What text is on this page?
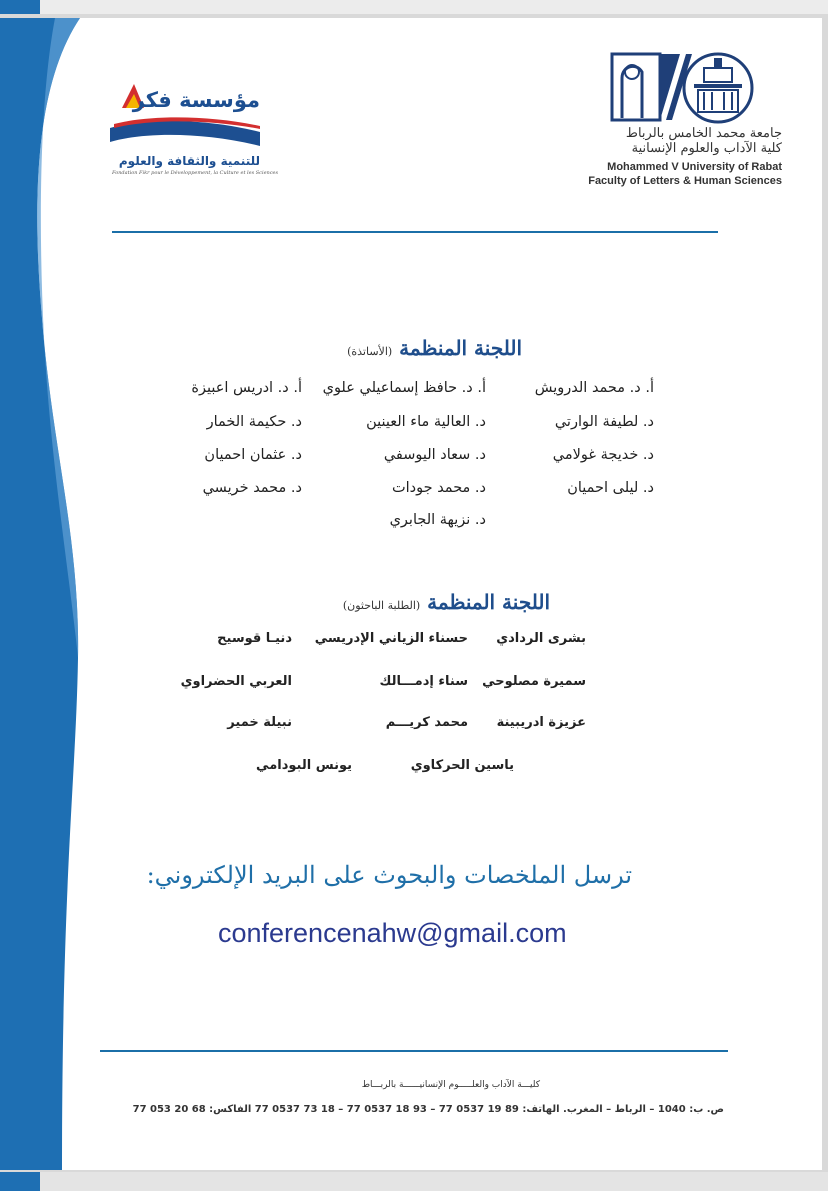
مؤسسة فكر
للتنمية والثقافة والعلوم
Fondation Fikr pour le Développement, la Culture et les Sciences
جامعة محمد الخامس بالرباط
كلية الآداب والعلوم الإنسانية
Mohammed V University of Rabat
Faculty of Letters & Human Sciences
اللجنة المنظمة (الأساتذة)
أ. د. محمد الدرويش
د. لطيفة الوارتي
د. خديجة غولامي
د. ليلى احميان
أ. د. حافظ إسماعيلي علوي
د. العالية ماء العينين
د. سعاد اليوسفي
د. محمد جودات
د. نزيهة الجابري
أ. د. ادريس اعبيزة
د. حكيمة الخمار
د. عثمان احميان
د. محمد خريسي
اللجنة المنظمة (الطلبة الباحثون)
بشرى الردادي
سميرة مصلوحي
عزيزة ادريبينة
حسناء الزياني الإدريسي
سناء إدمـــالك
محمد كريـــم
دنيـا قوسيح
العربي الحضراوي
نبيلة خمير
ياسين الحركاوي
يونس البودامي
ترسل الملخصات والبحوث على البريد الإلكتروني:
conferencenahw@gmail.com
كليـــة الآداب والعلـــــوم الإنسانيــــــة بالربـــاط
ص. ب: 1040 – الرباط – المغرب. الهاتف: 89 19 0537 77 – 93 18 0537 77 – 18 73 0537 77 الفاكس: 68 20 053 77
